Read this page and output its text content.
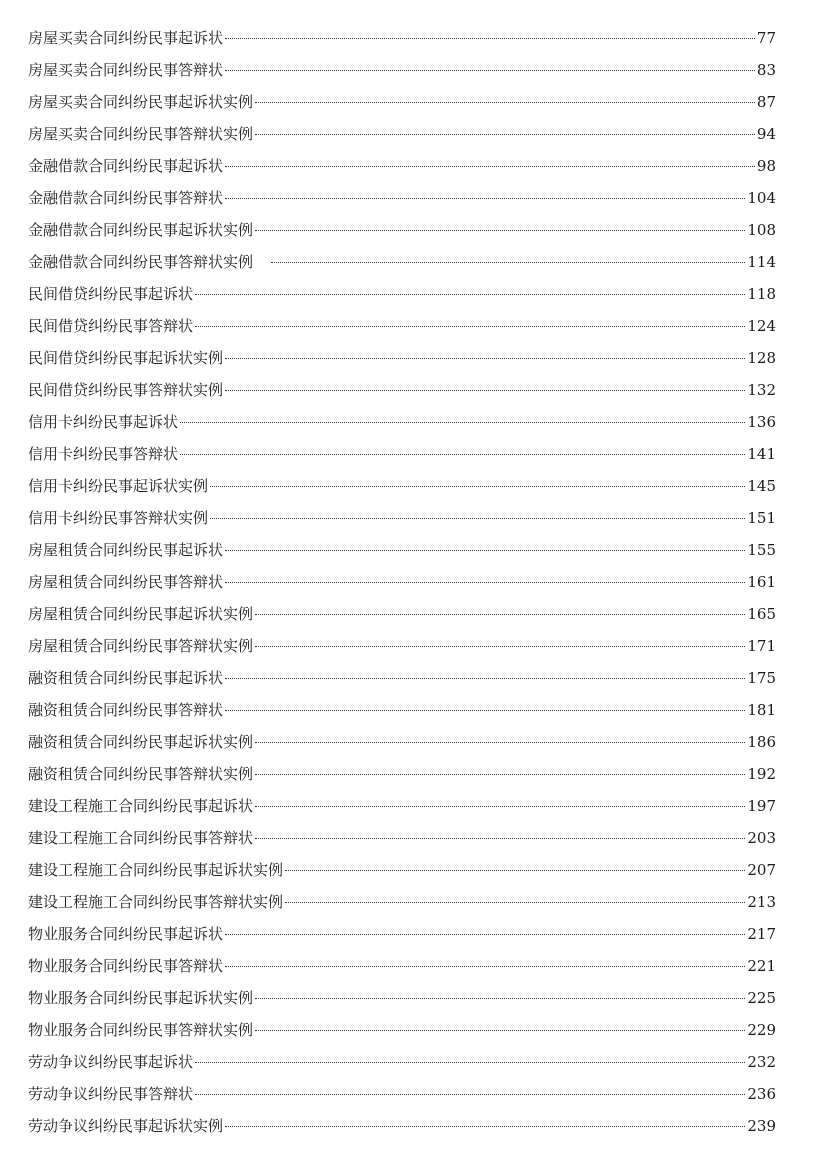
房屋买卖合同纠纷民事起诉状	77
房屋买卖合同纠纷民事答辩状	83
房屋买卖合同纠纷民事起诉状实例	87
房屋买卖合同纠纷民事答辩状实例	94
金融借款合同纠纷民事起诉状	98
金融借款合同纠纷民事答辩状	104
金融借款合同纠纷民事起诉状实例	108
金融借款合同纠纷民事答辩状实例	114
民间借贷纠纷民事起诉状	118
民间借贷纠纷民事答辩状	124
民间借贷纠纷民事起诉状实例	128
民间借贷纠纷民事答辩状实例	132
信用卡纠纷民事起诉状	136
信用卡纠纷民事答辩状	141
信用卡纠纷民事起诉状实例	145
信用卡纠纷民事答辩状实例	151
房屋租赁合同纠纷民事起诉状	155
房屋租赁合同纠纷民事答辩状	161
房屋租赁合同纠纷民事起诉状实例	165
房屋租赁合同纠纷民事答辩状实例	171
融资租赁合同纠纷民事起诉状	175
融资租赁合同纠纷民事答辩状	181
融资租赁合同纠纷民事起诉状实例	186
融资租赁合同纠纷民事答辩状实例	192
建设工程施工合同纠纷民事起诉状	197
建设工程施工合同纠纷民事答辩状	203
建设工程施工合同纠纷民事起诉状实例	207
建设工程施工合同纠纷民事答辩状实例	213
物业服务合同纠纷民事起诉状	217
物业服务合同纠纷民事答辩状	221
物业服务合同纠纷民事起诉状实例	225
物业服务合同纠纷民事答辩状实例	229
劳动争议纠纷民事起诉状	232
劳动争议纠纷民事答辩状	236
劳动争议纠纷民事起诉状实例	239
